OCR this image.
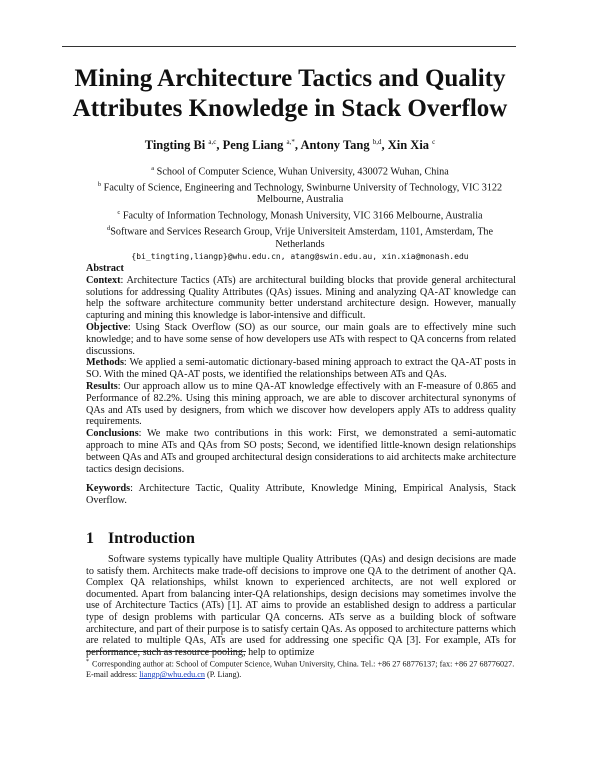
Mining Architecture Tactics and Quality Attributes Knowledge in Stack Overflow

Tingting Bi $^{a,c}$, Peng Liang $^{a,*}$, Antony Tang $^{b,d}$, Xin Xia $^c$

$^a$ School of Computer Science, Wuhan University, 430072 Wuhan, China

$^b$ Faculty of Science, Engineering and Technology, Swinburne University of Technology, VIC 3122 Melbourne, Australia

$^c$ Faculty of Information Technology, Monash University, VIC 3166 Melbourne, Australia

$^d$Software and Services Research Group, Vrije Universiteit Amsterdam, 1101, Amsterdam, The Netherlands

{bi_tingting,liangp}@whu.edu.cn, atang@swin.edu.au, xin.xia@monash.edu

Abstract

Context: Architecture Tactics (ATs) are architectural building blocks that provide general architectural solutions for addressing Quality Attributes (QAs) issues. Mining and analyzing QA-AT knowledge can help the software architecture community better understand architecture design. However, manually capturing and mining this knowledge is labor-intensive and difficult.

Objective: Using Stack Overflow (SO) as our source, our main goals are to effectively mine such knowledge; and to have some sense of how developers use ATs with respect to QA concerns from related discussions.

Methods: We applied a semi-automatic dictionary-based mining approach to extract the QA-AT posts in SO. With the mined QA-AT posts, we identified the relationships between ATs and QAs.

Results: Our approach allow us to mine QA-AT knowledge effectively with an F-measure of 0.865 and Performance of 82.2%. Using this mining approach, we are able to discover architectural synonyms of QAs and ATs used by designers, from which we discover how developers apply ATs to address quality requirements.

Conclusions: We make two contributions in this work: First, we demonstrated a semi-automatic approach to mine ATs and QAs from SO posts; Second, we identified little-known design relationships between QAs and ATs and grouped architectural design considerations to aid architects make architecture tactics design decisions.

Keywords: Architecture Tactic, Quality Attribute, Knowledge Mining, Empirical Analysis, Stack Overflow.

1 Introduction

Software systems typically have multiple Quality Attributes (QAs) and design decisions are made to satisfy them. Architects make trade-off decisions to improve one QA to the detriment of another QA. Complex QA relationships, whilst known to experienced architects, are not well explored or documented. Apart from balancing inter-QA relationships, design decisions may sometimes involve the use of Architecture Tactics (ATs) [1]. AT aims to provide an established design to address a particular type of design problems with particular QA concerns. ATs serve as a building block of software architecture, and part of their purpose is to satisfy certain QAs. As opposed to architecture patterns which are related to multiple QAs, ATs are used for addressing one specific QA [3]. For example, ATs for performance, such as resource pooling, help to optimize

* Corresponding author at: School of Computer Science, Wuhan University, China. Tel.: +86 27 68776137; fax: +86 27 68776027. E-mail address: liangp@whu.edu.cn (P. Liang).
